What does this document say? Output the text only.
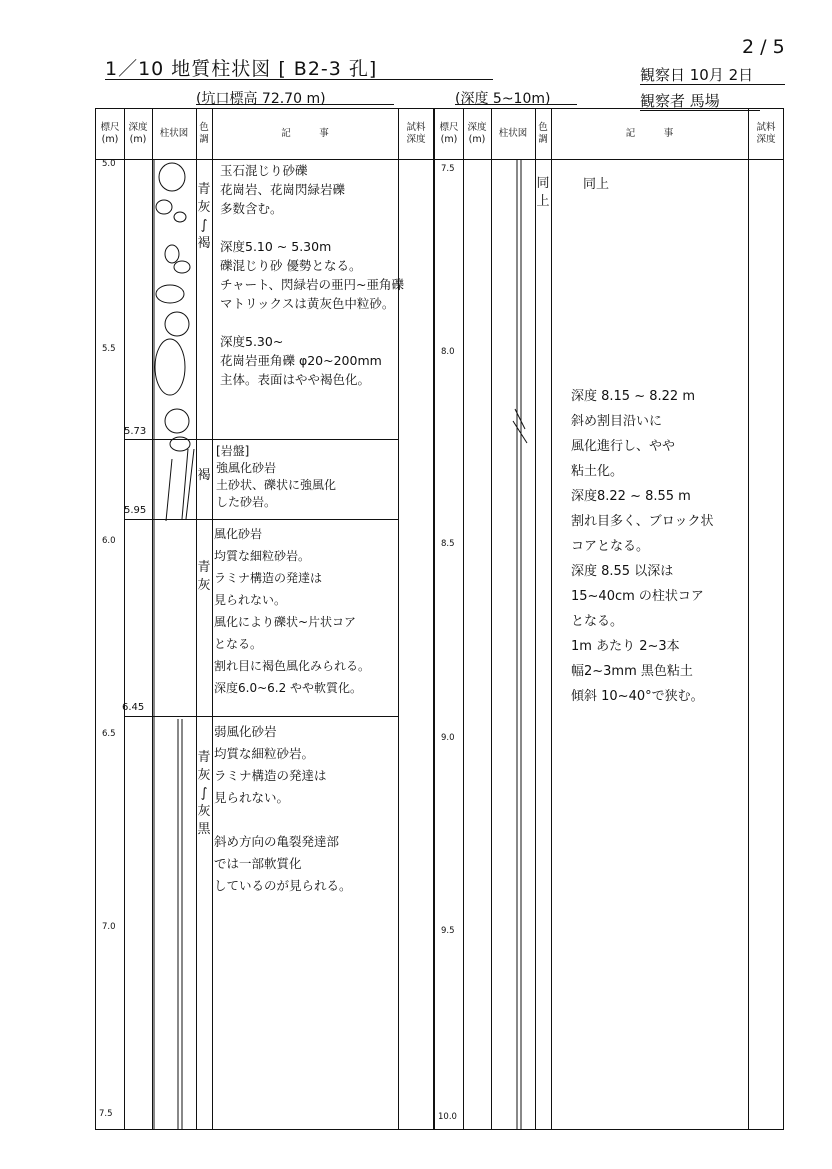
2 / 5
1／10 地質柱状図 [ B2-3 孔]	観察日 10月 2日
観察者 馬場
(坑口標高 72.70 m)	(深度 5~10m)
標尺
(m)
深度
(m)
柱状図
色
調
記　　　事
試料
深度
5.0
5.5
6.0
6.5
7.0
7.5
5.73
5.95
6.45
青
灰
∫
褐
玉石混じり砂礫
花崗岩、花崗閃緑岩礫
多数含む。

深度5.10 ~ 5.30m
礫混じり砂 優勢となる。
チャート、閃緑岩の亜円~亜角礫
マトリックスは黄灰色中粒砂。

深度5.30~
花崗岩亜角礫 φ20~200mm
主体。表面はやや褐色化。
褐
[岩盤]
強風化砂岩
土砂状、礫状に強風化
した砂岩。
青
灰
風化砂岩
均質な細粒砂岩。
ラミナ構造の発達は
見られない。
風化により礫状~片状コア
となる。
割れ目に褐色風化みられる。
深度6.0~6.2 やや軟質化。
青
灰
∫
灰
黒
弱風化砂岩
均質な細粒砂岩。
ラミナ構造の発達は
見られない。

斜め方向の亀裂発達部
では一部軟質化
しているのが見られる。
標尺
(m)
深度
(m)
柱状図
色
調
記　　　事
試料
深度
7.5
8.0
8.5
9.0
9.5
10.0
同
上
同上
深度 8.15 ~ 8.22 m
斜め割目沿いに
風化進行し、やや
粘土化。
深度8.22 ~ 8.55 m
割れ目多く、ブロック状
コアとなる。
深度 8.55 以深は
15~40cm の柱状コア
となる。
1m あたり 2~3本
幅2~3mm 黒色粘土
傾斜 10~40°で狭む。
